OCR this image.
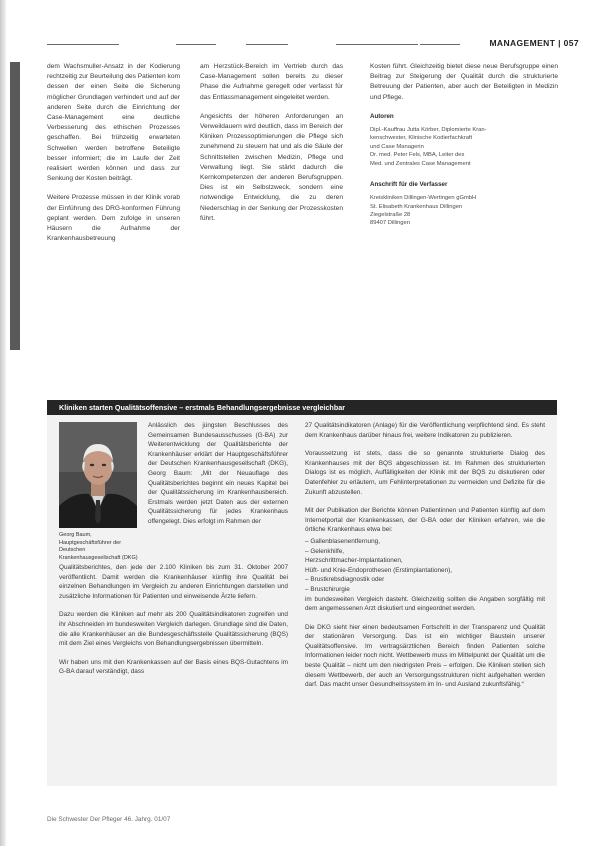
MANAGEMENT | 057

dem Wachsmuller-Ansatz in der Kodierung rechtzeitig zur Beurteilung des Patienten kom dessen der einen Seite die Sicherung möglicher Grundlagen verhindert und auf der anderen Seite durch die Einrichtung der Case-Management eine deutliche Verbesserung des ethischen Prozesses geschaffen. Bei frühzeitig erwarteten Schwellen werden betroffene Beteiligte besser informiert; die im Laufe der Zeit realisiert werden können und dass zur Senkung der Kosten beiträgt.

Weitere Prozesse müssen in der Klinik vorab der Einführung des DRG-konformen Führung geplant werden. Dem zufolge in unseren Häusern die Aufnahme der Krankenhausbetreuung

am Herzstück-Bereich im Vertrieb durch das Case-Management sollen bereits zu dieser Phase die Aufnahme geregelt oder verfasst für das Entlassmanagement eingeleitet werden.

Angesichts der höheren Anforderungen an Verweildauern wird deutlich, dass im Bereich der Kliniken Prozessoptimierungen die Pflege sich zunehmend zu steuern hat und als die Säule der Schnittstellen zwischen Medizin, Pflege und Verwaltung liegt. Sie stärkt dadurch die Kernkompetenzen der anderen Berufsgruppen. Dies ist ein Selbstzweck, sondern eine notwendige Entwicklung, die zu deren Niederschlag in der Senkung der Prozesskosten führt.

Kosten führt. Gleichzeitig bietet diese neue Berufsgruppe einen Beitrag zur Steigerung der Qualität durch die strukturierte Betreuung der Patienten, aber auch der Beteiligten in Medizin und Pflege.

Autoren
Dipl.-Kauffrau Jutta Körber, Diplomierte Kran-
kenschwester, Klinische Kodierfachkraft
und Case Managerin
Dr. med. Peter Fels, MBA, Leiter des
Med. und Zentrales Case Management
Anschrift für die Verfasser
Kreiskliniken Dillingen-Wertingen gGmbH
St. Elisabeth Krankenhaus Dillingen
Ziegelstraße 28
89407 Dillingen
Kliniken starten Qualitätsoffensive – erstmals Behandlungsergebnisse vergleichbar
Georg Baum, Hauptgeschäftsführer der Deutschen Krankenhausgesellschaft (DKG)

Anlässlich des jüngsten Beschlusses des Gemeinsamen Bundesausschusses (G-BA) zur Weiterentwicklung der Qualitätsberichte der Krankenhäuser erklärt der Hauptgeschäftsführer der Deutschen Krankenhausgesellschaft (DKG), Georg Baum: „Mit der Neuauflage des Qualitätsberichtes beginnt ein neues Kapitel bei der Qualitätssicherung im Krankenhausbereich. Erstmals werden jetzt Daten aus der externen Qualitätssicherung für jedes Krankenhaus offengelegt. Dies erfolgt im Rahmen der

Qualitätsberichtes, den jede der 2.100 Kliniken bis zum 31. Oktober 2007 veröffentlicht. Damit werden die Krankenhäuser künftig ihre Qualität bei einzelnen Behandlungen im Vergleich zu anderen Einrichtungen darstellen und zusätzliche Informationen für Patienten und einweisende Ärzte liefern.

Dazu werden die Kliniken auf mehr als 200 Qualitätsindikatoren zugreifen und ihr Abschneiden im bundesweiten Vergleich darlegen. Grundlage sind die Daten, die alle Krankenhäuser an die Bundesgeschäftsstelle Qualitätssicherung (BQS) mit dem Ziel eines Vergleichs von Behandlungsergebnissen übermitteln.

Wir haben uns mit den Krankenkassen auf der Basis eines BQS-Gutachtens im G-BA darauf verständigt, dass

27 Qualitätsindikatoren (Anlage) für die Veröffentlichung verpflichtend sind. Es steht dem Krankenhaus darüber hinaus frei, weitere Indikatoren zu publizieren.

Voraussetzung ist stets, dass die so genannte strukturierte Dialog des Krankenhauses mit der BQS abgeschlossen ist. Im Rahmen des strukturierten Dialogs ist es möglich, Auffälligkeiten der Klinik mit der BQS zu diskutieren oder Datenfehler zu erläutern, um Fehlinterpretationen zu vermeiden und Defizite für die Zukunft abzustellen.

Mit der Publikation der Berichte können Patientinnen und Patienten künftig auf dem Internetportal der Krankenkassen, der G-BA oder der Kliniken erfahren, wie die örtliche Krankenhaus etwa bei:

– Gallenblasenentfernung,
– Gelenkhilfe,
Herzschrittmacher-Implantationen,
Hüft- und Knie-Endoprothesen (Erstimplantationen),
– Brustkrebsdiagnostik oder
– Brustchirurgie

im bundesweiten Vergleich dasteht. Gleichzeitig sollten die Angaben sorgfältig mit dem angemessenen Arzt diskutiert und eingeordnet werden.

Die DKG sieht hier einen bedeutsamen Fortschritt in der Transparenz und Qualität der stationären Versorgung. Das ist ein wichtiger Baustein unserer Qualitätsoffensive. Im vertragsärztlichen Bereich finden Patienten solche Informationen leider noch nicht. Wettbewerb muss im Mittelpunkt der Qualität um die beste Qualität – nicht um den niedrigsten Preis – erfolgen. Die Kliniken stellen sich diesem Wettbewerb, der auch an Versorgungsstrukturen nicht aufgehalten werden darf. Das macht unser Gesundheitssystem im In- und Ausland zukunftsfähig.“

Die Schwester Der Pfleger 46. Jahrg. 01/07
